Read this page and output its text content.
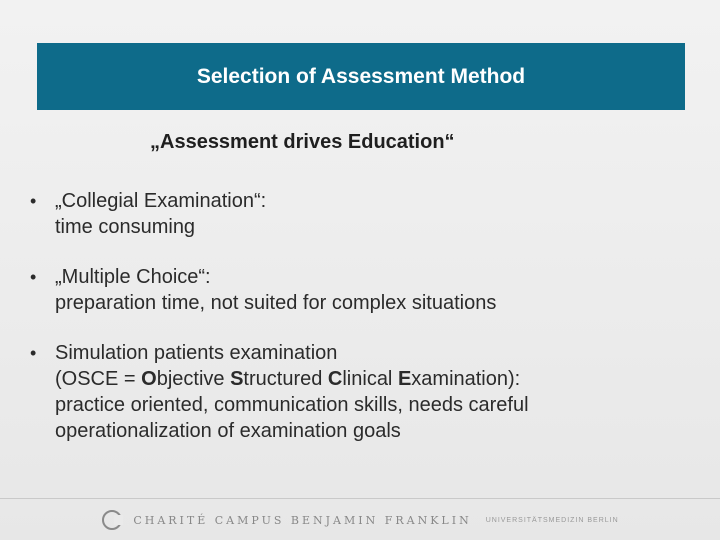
Selection of Assessment Method
„Assessment drives Education“
• „Collegial Examination“:
time consuming
• „Multiple Choice“:
preparation time, not suited for complex situations
• Simulation patients examination
(OSCE = Objective Structured Clinical Examination):
practice oriented, communication skills, needs careful
operationalization of examination goals
CHARITÉ CAMPUS BENJAMIN FRANKLIN UNIVERSITÄTSMEDIZIN BERLIN
